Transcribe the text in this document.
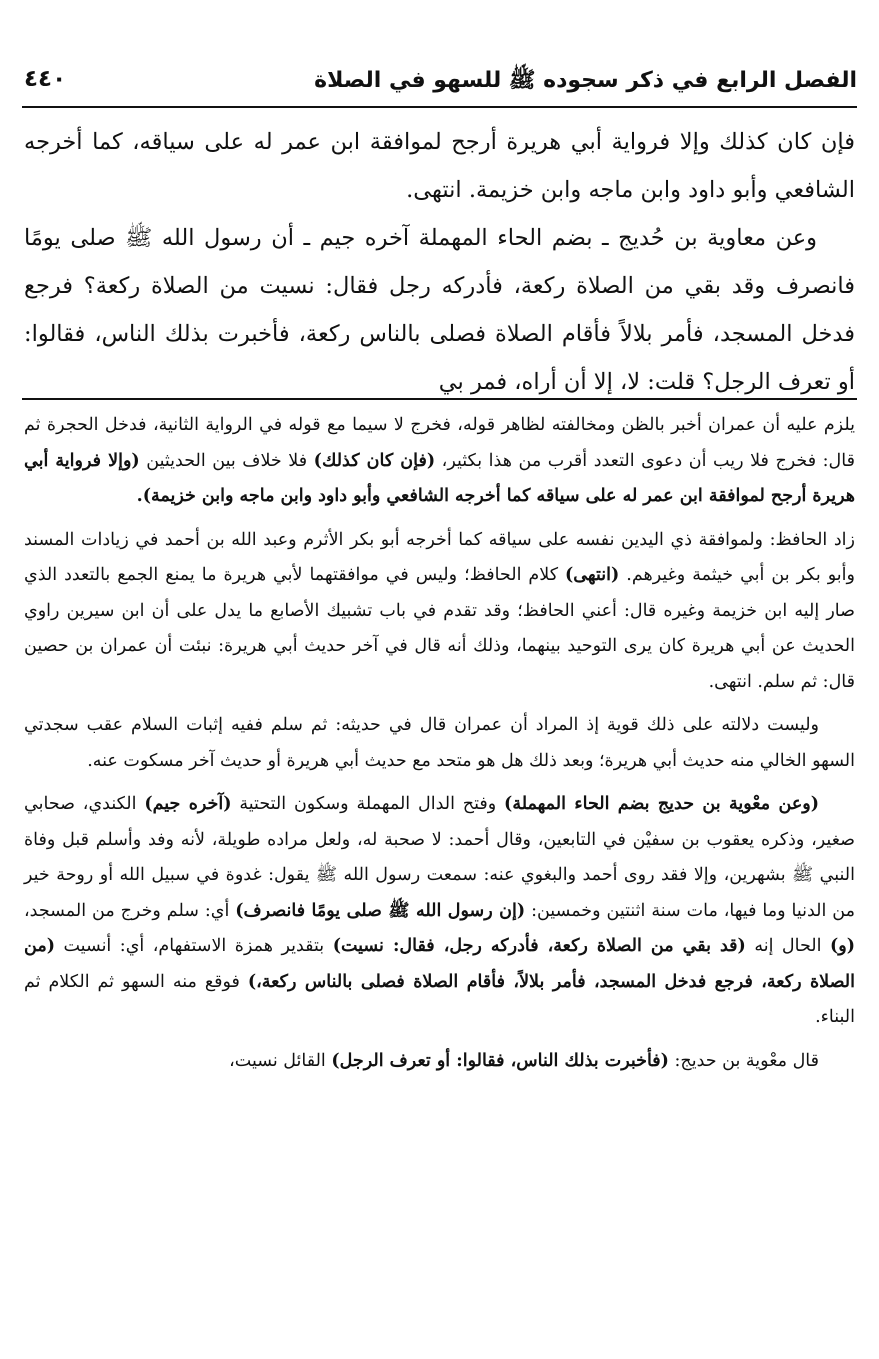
الفصل الرابع في ذكر سجوده ﷺ للسهو في الصلاة
٤٤٠

فإن كان كذلك وإلا فرواية أبي هريرة أرجح لموافقة ابن عمر له على سياقه، كما أخرجه الشافعي وأبو داود وابن ماجه وابن خزيمة. انتهى.

وعن معاوية بن حُديج ـ بضم الحاء المهملة آخره جيم ـ أن رسول الله ﷺ صلى يومًا فانصرف وقد بقي من الصلاة ركعة، فأدركه رجل فقال: نسيت من الصلاة ركعة؟ فرجع فدخل المسجد، فأمر بلالاً فأقام الصلاة فصلى بالناس ركعة، فأخبرت بذلك الناس، فقالوا: أو تعرف الرجل؟ قلت: لا، إلا أن أراه، فمر بي

يلزم عليه أن عمران أخبر بالظن ومخالفته لظاهر قوله، فخرج لا سيما مع قوله في الرواية الثانية، فدخل الحجرة ثم قال: فخرج فلا ريب أن دعوى التعدد أقرب من هذا بكثير، (فإن كان كذلك) فلا خلاف بين الحديثين (وإلا فرواية أبي هريرة أرجح لموافقة ابن عمر له على سياقه كما أخرجه الشافعي وأبو داود وابن ماجه وابن خزيمة).

زاد الحافظ: ولموافقة ذي اليدين نفسه على سياقه كما أخرجه أبو بكر الأثرم وعبد الله بن أحمد في زيادات المسند وأبو بكر بن أبي خيثمة وغيرهم. (انتهى) كلام الحافظ؛ وليس في موافقتهما لأبي هريرة ما يمنع الجمع بالتعدد الذي صار إليه ابن خزيمة وغيره قال: أعني الحافظ؛ وقد تقدم في باب تشبيك الأصابع ما يدل على أن ابن سيرين راوي الحديث عن أبي هريرة كان يرى التوحيد بينهما، وذلك أنه قال في آخر حديث أبي هريرة: نبئت أن عمران بن حصين قال: ثم سلم. انتهى.

وليست دلالته على ذلك قوية إذ المراد أن عمران قال في حديثه: ثم سلم ففيه إثبات السلام عقب سجدتي السهو الخالي منه حديث أبي هريرة؛ وبعد ذلك هل هو متحد مع حديث أبي هريرة أو حديث آخر مسكوت عنه.

(وعن معْوية بن حديج بضم الحاء المهملة) وفتح الدال المهملة وسكون التحتية (آخره جيم) الكندي، صحابي صغير، وذكره يعقوب بن سفيْن في التابعين، وقال أحمد: لا صحبة له، ولعل مراده طويلة، لأنه وفد وأسلم قبل وفاة النبي ﷺ بشهرين، وإلا فقد روى أحمد والبغوي عنه: سمعت رسول الله ﷺ يقول: غدوة في سبيل الله أو روحة خير من الدنيا وما فيها، مات سنة اثنتين وخمسين: (إن رسول الله ﷺ صلى يومًا فانصرف) أي: سلم وخرج من المسجد، (و) الحال إنه (قد بقي من الصلاة ركعة، فأدركه رجل، فقال: نسيت) بتقدير همزة الاستفهام، أي: أنسيت (من الصلاة ركعة، فرجع فدخل المسجد، فأمر بلالاً، فأقام الصلاة فصلى بالناس ركعة،) فوقع منه السهو ثم الكلام ثم البناء.

قال معْوية بن حديج: (فأخبرت بذلك الناس، فقالوا: أو تعرف الرجل) القائل نسيت،
